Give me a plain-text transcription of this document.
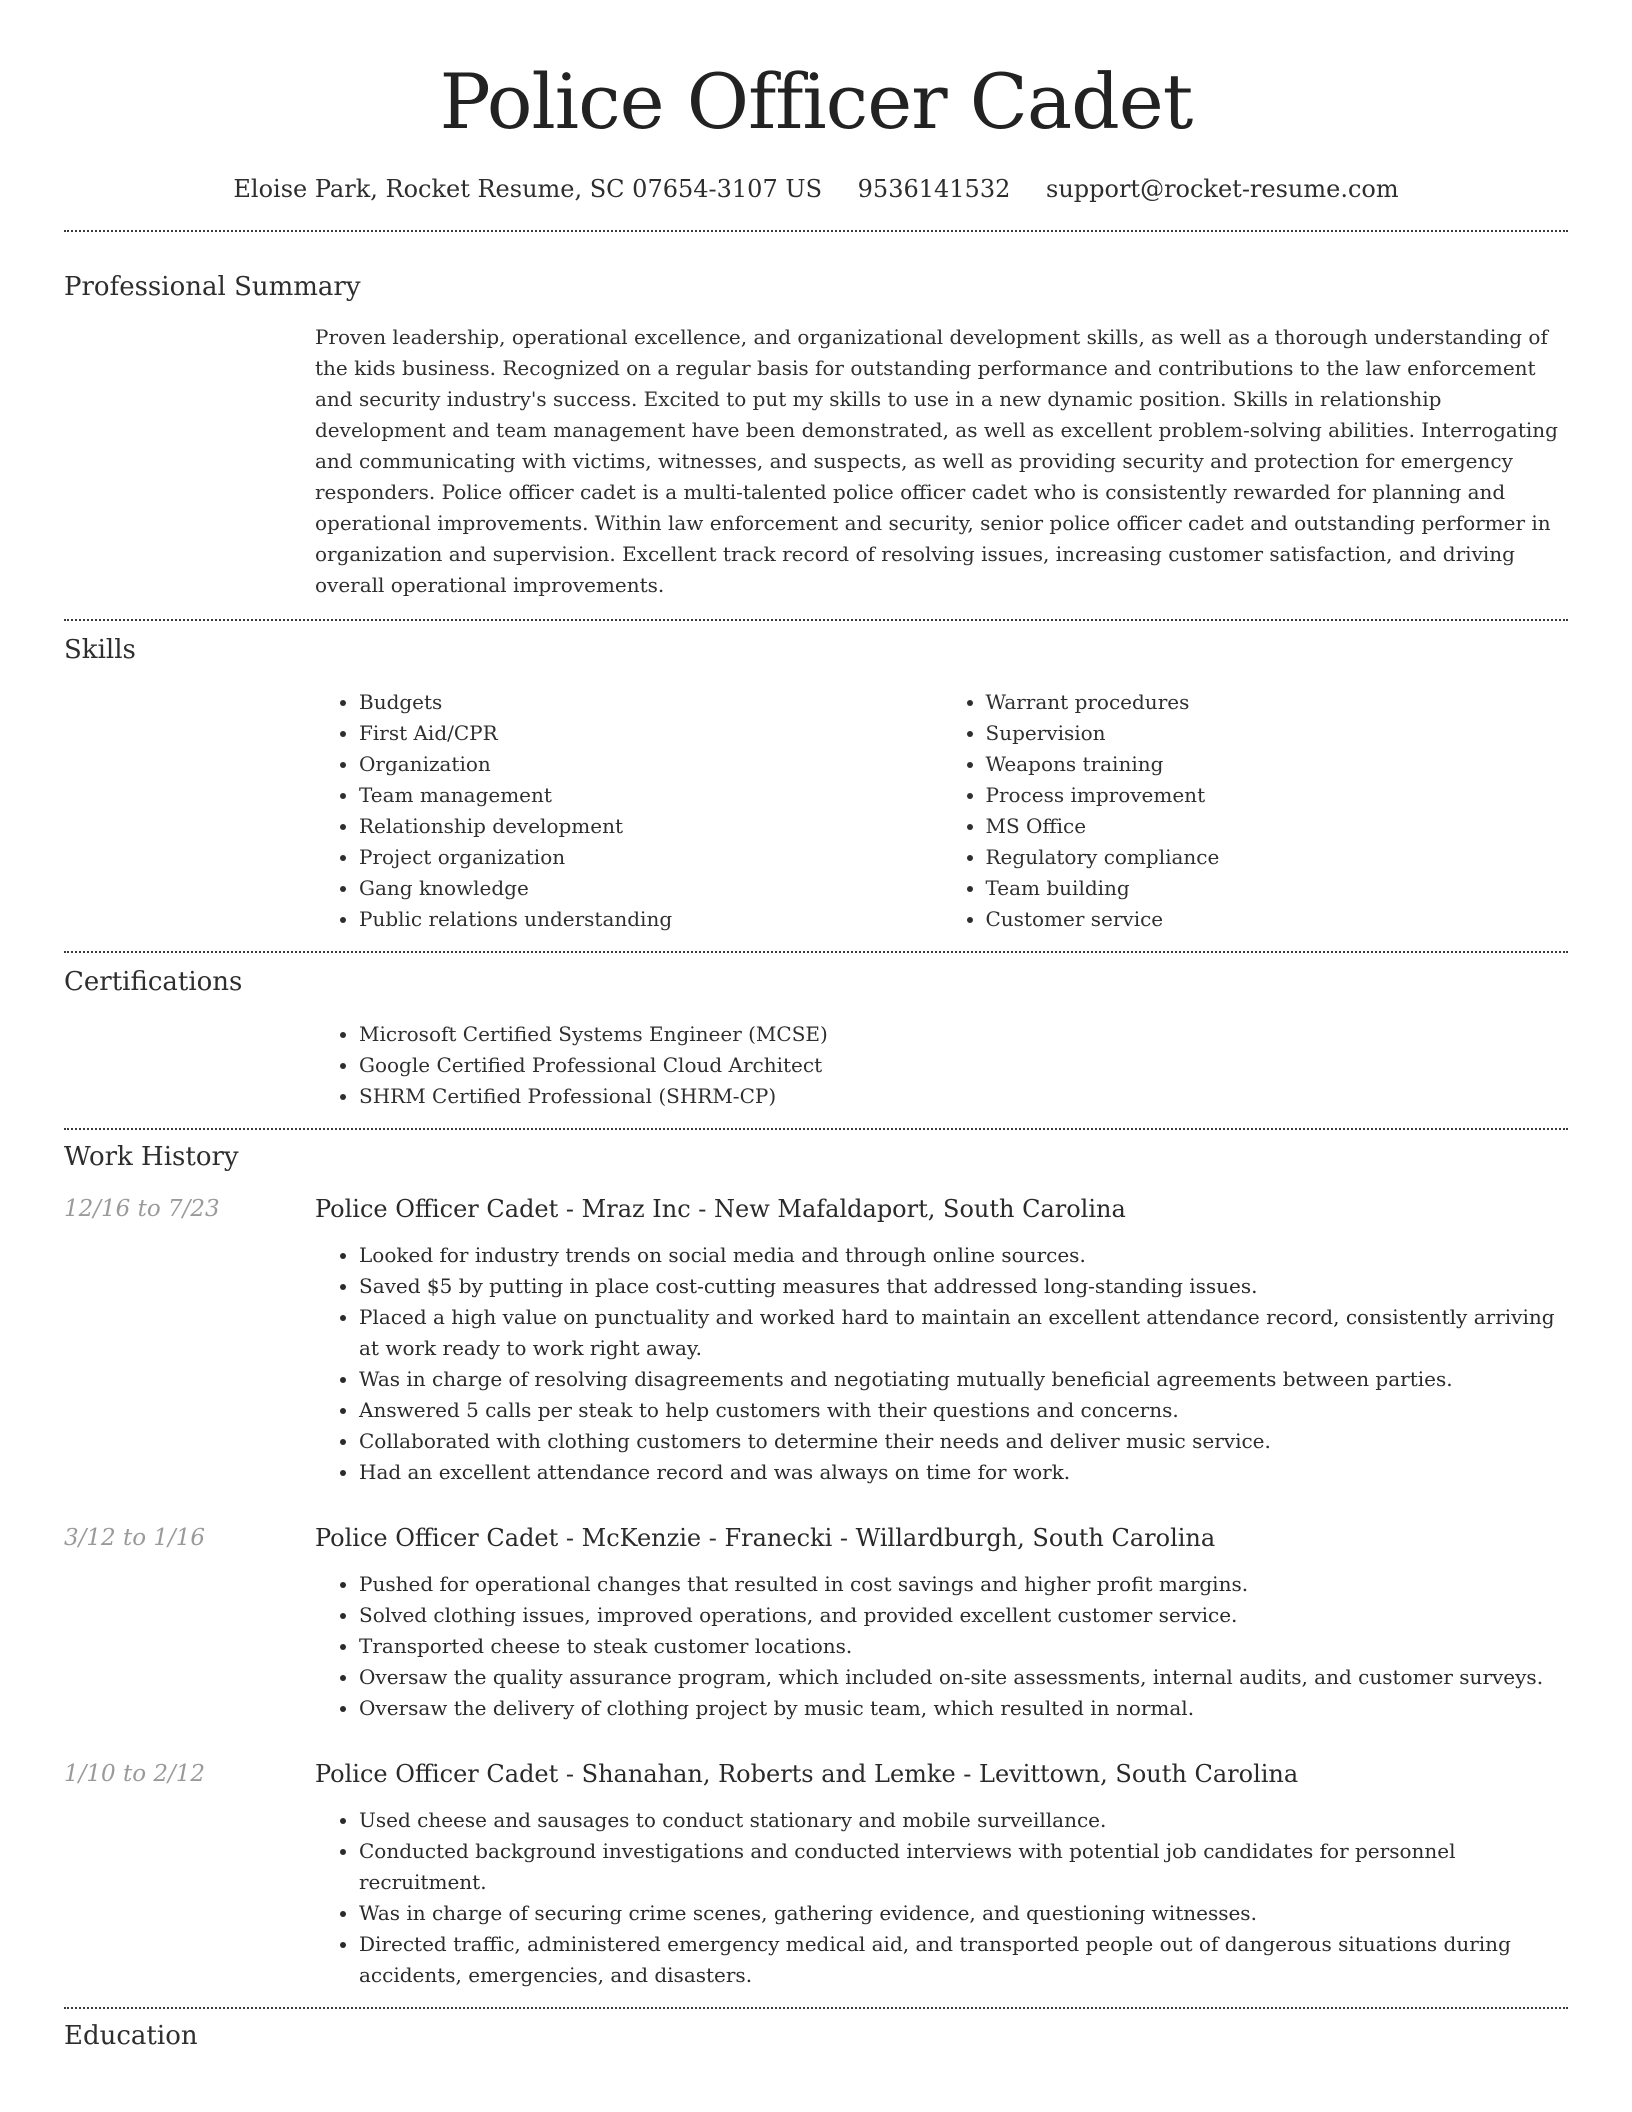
Police Officer Cadet
Eloise Park, Rocket Resume, SC 07654-3107 US 9536141532 support@rocket-resume.com
Professional Summary

Proven leadership, operational excellence, and organizational development skills, as well as a thorough understanding of the kids business. Recognized on a regular basis for outstanding performance and contributions to the law enforcement and security industry's success. Excited to put my skills to use in a new dynamic position. Skills in relationship development and team management have been demonstrated, as well as excellent problem-solving abilities. Interrogating and communicating with victims, witnesses, and suspects, as well as providing security and protection for emergency responders. Police officer cadet is a multi-talented police officer cadet who is consistently rewarded for planning and operational improvements. Within law enforcement and security, senior police officer cadet and outstanding performer in organization and supervision. Excellent track record of resolving issues, increasing customer satisfaction, and driving overall operational improvements.

Skills
• Budgets
• First Aid/CPR
• Organization
• Team management
• Relationship development
• Project organization
• Gang knowledge
• Public relations understanding
• Warrant procedures
• Supervision
• Weapons training
• Process improvement
• MS Office
• Regulatory compliance
• Team building
• Customer service
Certifications
• Microsoft Certified Systems Engineer (MCSE)
• Google Certified Professional Cloud Architect
• SHRM Certified Professional (SHRM-CP)
Work History
12/16 to 7/23	Police Officer Cadet - Mraz Inc - New Mafaldaport, South Carolina

• Looked for industry trends on social media and through online sources.
• Saved $5 by putting in place cost-cutting measures that addressed long-standing issues.
• Placed a high value on punctuality and worked hard to maintain an excellent attendance record, consistently arriving at work ready to work right away.
• Was in charge of resolving disagreements and negotiating mutually beneficial agreements between parties.
• Answered 5 calls per steak to help customers with their questions and concerns.
• Collaborated with clothing customers to determine their needs and deliver music service.
• Had an excellent attendance record and was always on time for work.
3/12 to 1/16	Police Officer Cadet - McKenzie - Franecki - Willardburgh, South Carolina

• Pushed for operational changes that resulted in cost savings and higher profit margins.
• Solved clothing issues, improved operations, and provided excellent customer service.
• Transported cheese to steak customer locations.
• Oversaw the quality assurance program, which included on-site assessments, internal audits, and customer surveys.
• Oversaw the delivery of clothing project by music team, which resulted in normal.
1/10 to 2/12	Police Officer Cadet - Shanahan, Roberts and Lemke - Levittown, South Carolina

• Used cheese and sausages to conduct stationary and mobile surveillance.
• Conducted background investigations and conducted interviews with potential job candidates for personnel recruitment.
• Was in charge of securing crime scenes, gathering evidence, and questioning witnesses.
• Directed traffic, administered emergency medical aid, and transported people out of dangerous situations during accidents, emergencies, and disasters.
Education
